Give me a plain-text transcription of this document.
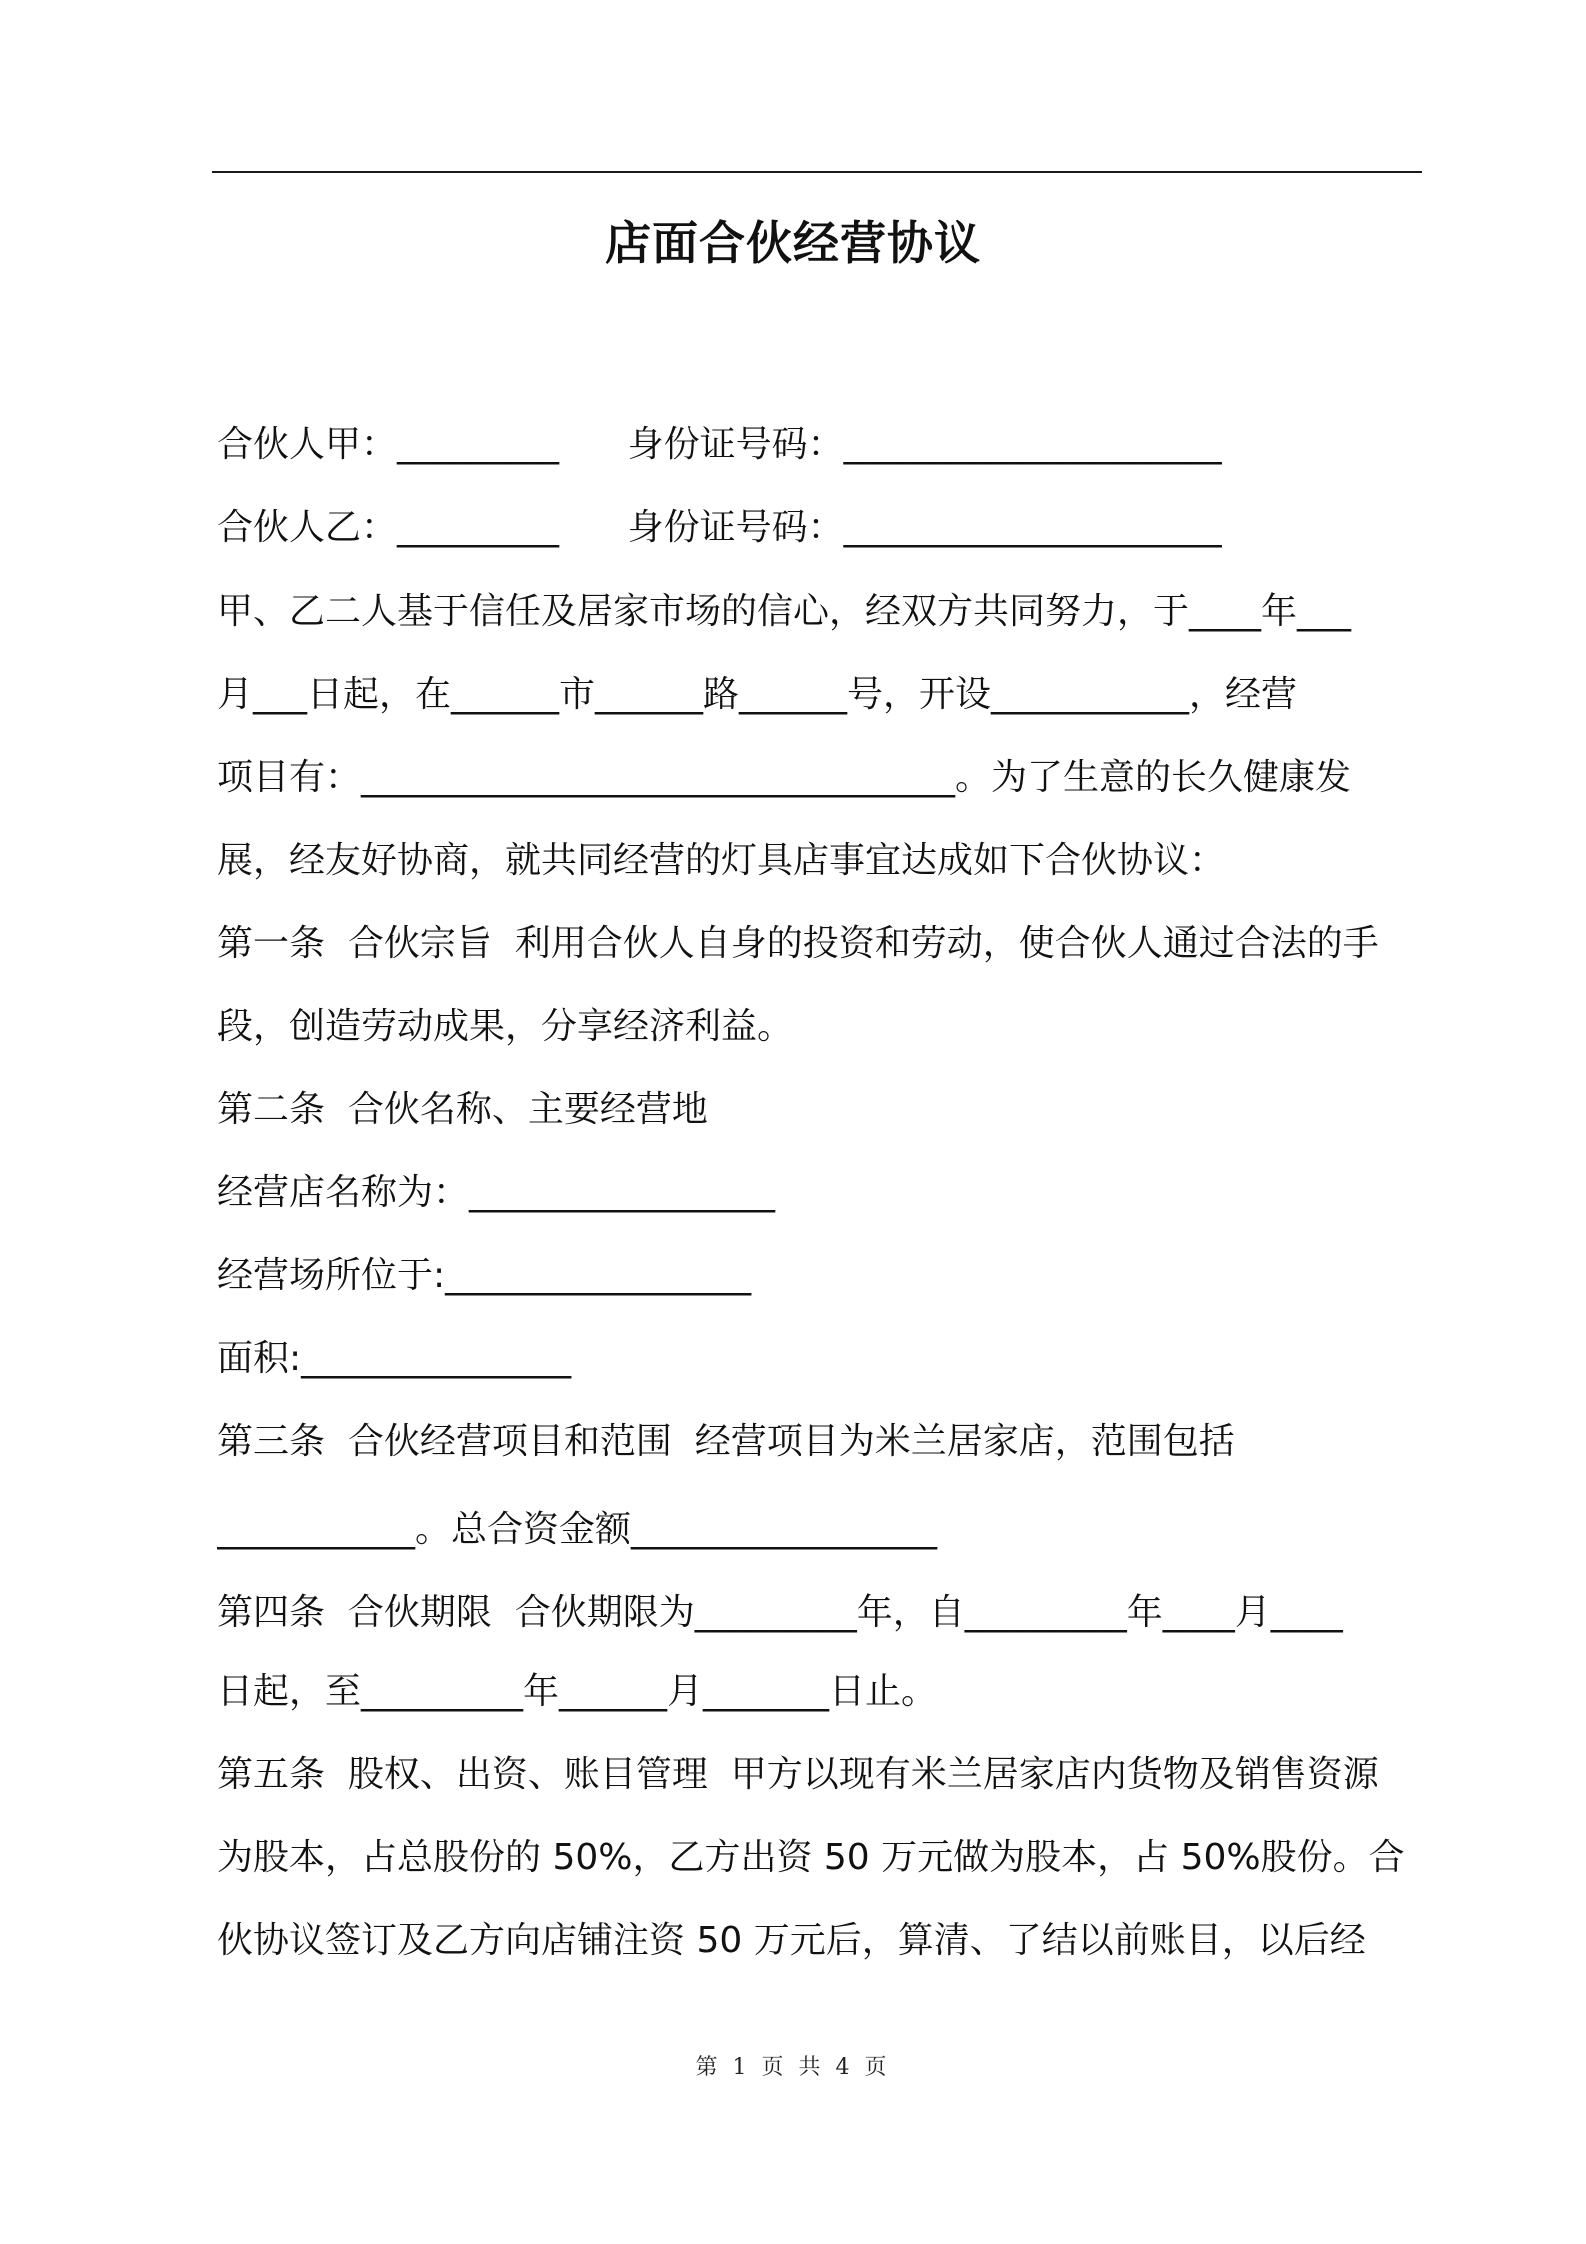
店面合伙经营协议
合伙人甲：_________      身份证号码：_____________________
合伙人乙：_________      身份证号码：_____________________
甲、乙二人基于信任及居家市场的信心，经双方共同努力，于____年___
月___日起，在______市______路______号，开设___________，经营
项目有：_________________________________。为了生意的长久健康发
展，经友好协商，就共同经营的灯具店事宜达成如下合伙协议：
第一条  合伙宗旨  利用合伙人自身的投资和劳动，使合伙人通过合法的手
段，创造劳动成果，分享经济利益。
第二条  合伙名称、主要经营地
经营店名称为：_________________
经营场所位于:_________________
面积:_______________
第三条  合伙经营项目和范围  经营项目为米兰居家店，范围包括
___________。总合资金额_________________
第四条  合伙期限  合伙期限为_________年，自_________年____月____
日起，至_________年______月_______日止。
第五条  股权、出资、账目管理  甲方以现有米兰居家店内货物及销售资源
为股本，占总股份的 50%，乙方出资 50 万元做为股本，占 50%股份。合
伙协议签订及乙方向店铺注资 50 万元后，算清、了结以前账目，以后经
第 1 页 共 4 页
